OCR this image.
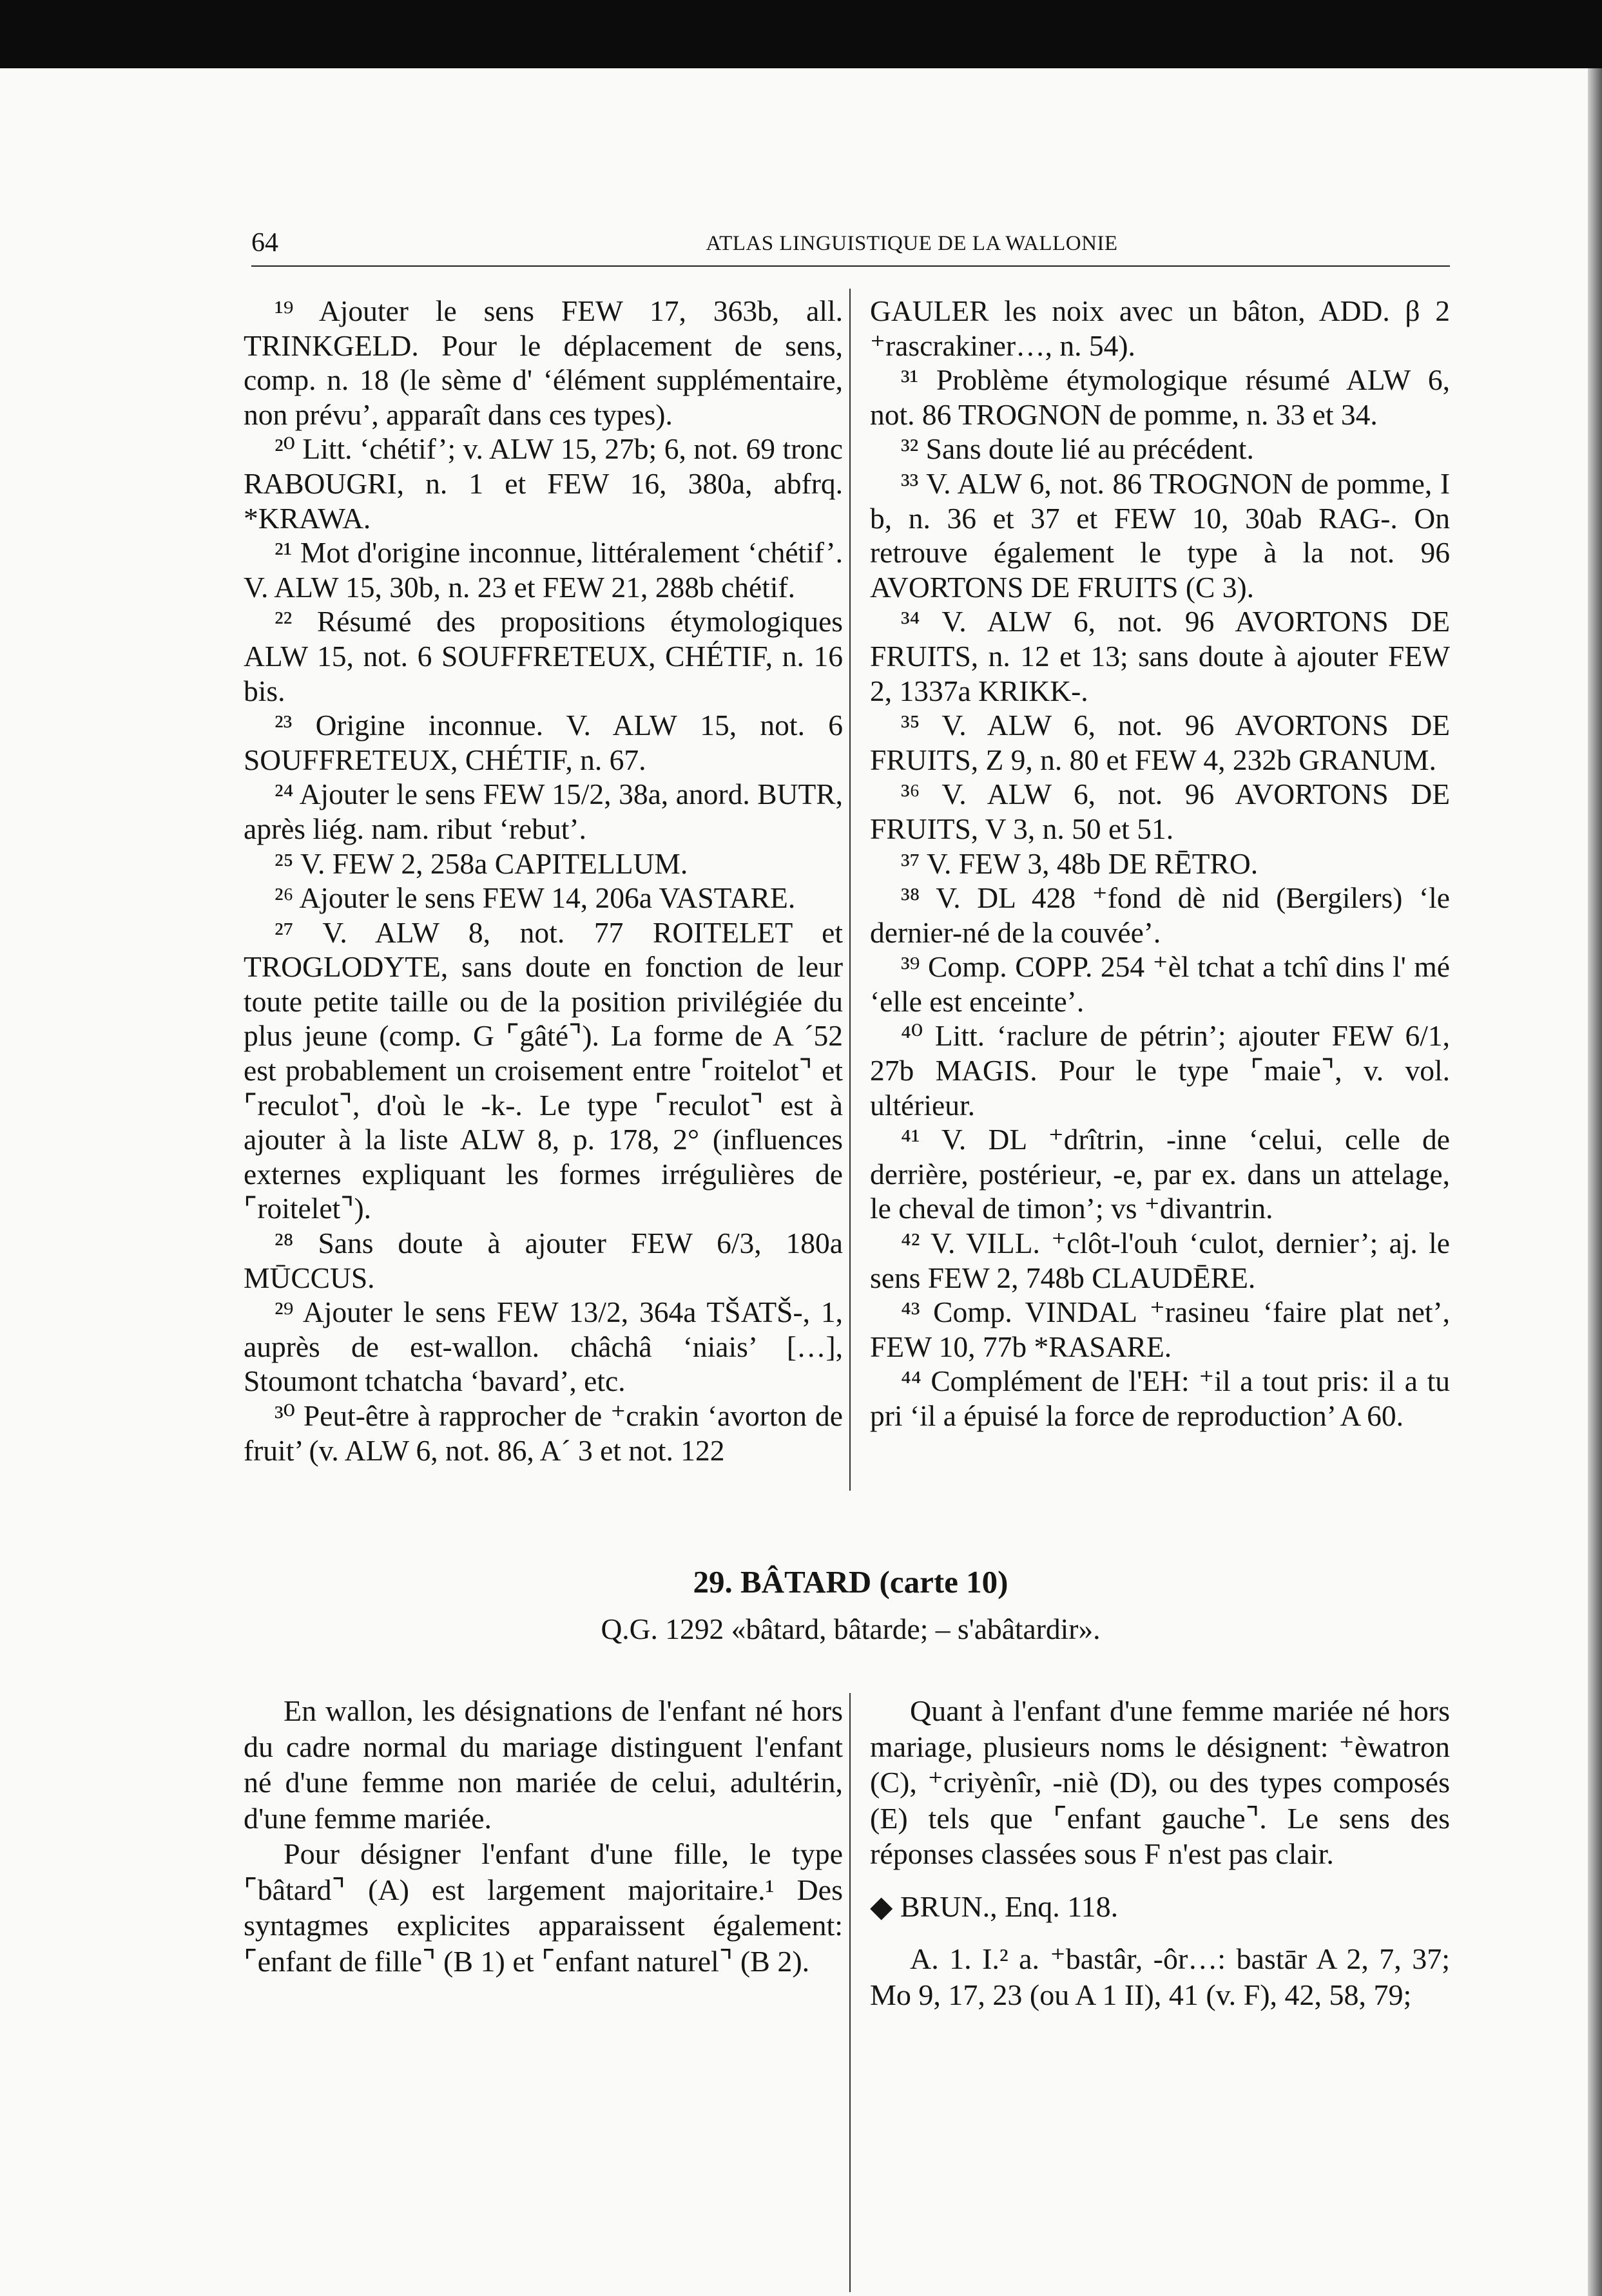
64	ATLAS LINGUISTIQUE DE LA WALLONIE

¹⁹ Ajouter le sens FEW 17, 363b, all. TRINKGELD. Pour le déplacement de sens, comp. n. 18 (le sème d' ‘élément supplémentaire, non prévu’, apparaît dans ces types).

²⁰ Litt. ‘chétif’; v. ALW 15, 27b; 6, not. 69 tronc RABOUGRI, n. 1 et FEW 16, 380a, abfrq. *KRAWA.

²¹ Mot d'origine inconnue, littéralement ‘chétif’. V. ALW 15, 30b, n. 23 et FEW 21, 288b chétif.

²² Résumé des propositions étymologiques ALW 15, not. 6 SOUFFRETEUX, CHÉTIF, n. 16 bis.

²³ Origine inconnue. V. ALW 15, not. 6 SOUFFRETEUX, CHÉTIF, n. 67.

²⁴ Ajouter le sens FEW 15/2, 38a, anord. BUTR, après liég. nam. ribut ‘rebut’.

²⁵ V. FEW 2, 258a CAPITELLUM.

²⁶ Ajouter le sens FEW 14, 206a VASTARE.

²⁷ V. ALW 8, not. 77 ROITELET et TROGLODYTE, sans doute en fonction de leur toute petite taille ou de la position privilégiée du plus jeune (comp. G ⌜gâté⌝). La forme de A ´52 est probablement un croisement entre ⌜roitelot⌝ et ⌜reculot⌝, d'où le -k-. Le type ⌜reculot⌝ est à ajouter à la liste ALW 8, p. 178, 2° (influences externes expliquant les formes irrégulières de ⌜roitelet⌝).

²⁸ Sans doute à ajouter FEW 6/3, 180a MŪCCUS.

²⁹ Ajouter le sens FEW 13/2, 364a TŠATŠ-, 1, auprès de est-wallon. châchâ ‘niais’ […], Stoumont tchatcha ‘bavard’, etc.

³⁰ Peut-être à rapprocher de ⁺crakin ‘avorton de fruit’ (v. ALW 6, not. 86, A´ 3 et not. 122

GAULER les noix avec un bâton, ADD. β 2 ⁺rascrakiner…, n. 54).

³¹ Problème étymologique résumé ALW 6, not. 86 TROGNON de pomme, n. 33 et 34.

³² Sans doute lié au précédent.

³³ V. ALW 6, not. 86 TROGNON de pomme, I b, n. 36 et 37 et FEW 10, 30ab RAG-. On retrouve également le type à la not. 96 AVORTONS DE FRUITS (C 3).

³⁴ V. ALW 6, not. 96 AVORTONS DE FRUITS, n. 12 et 13; sans doute à ajouter FEW 2, 1337a KRIKK-.

³⁵ V. ALW 6, not. 96 AVORTONS DE FRUITS, Z 9, n. 80 et FEW 4, 232b GRANUM.

³⁶ V. ALW 6, not. 96 AVORTONS DE FRUITS, V 3, n. 50 et 51.

³⁷ V. FEW 3, 48b DE RĒTRO.

³⁸ V. DL 428 ⁺fond dè nid (Bergilers) ‘le dernier-né de la couvée’.

³⁹ Comp. COPP. 254 ⁺èl tchat a tchî dins l' mé ‘elle est enceinte’.

⁴⁰ Litt. ‘raclure de pétrin’; ajouter FEW 6/1, 27b MAGIS. Pour le type ⌜maie⌝, v. vol. ultérieur.

⁴¹ V. DL ⁺drîtrin, -inne ‘celui, celle de derrière, postérieur, -e, par ex. dans un attelage, le cheval de timon’; vs ⁺divantrin.

⁴² V. VILL. ⁺clôt-l'ouh ‘culot, dernier’; aj. le sens FEW 2, 748b CLAUDĒRE.

⁴³ Comp. VINDAL ⁺rasineu ‘faire plat net’, FEW 10, 77b *RASARE.

⁴⁴ Complément de l'EH: ⁺il a tout pris: il a tu pri ‘il a épuisé la force de reproduction’ A 60.

29. BÂTARD (carte 10)
Q.G. 1292 «bâtard, bâtarde; – s'abâtardir».

En wallon, les désignations de l'enfant né hors du cadre normal du mariage distinguent l'enfant né d'une femme non mariée de celui, adultérin, d'une femme mariée.

Pour désigner l'enfant d'une fille, le type ⌜bâtard⌝ (A) est largement majoritaire.¹ Des syntagmes explicites apparaissent également: ⌜enfant de fille⌝ (B 1) et ⌜enfant naturel⌝ (B 2).

Quant à l'enfant d'une femme mariée né hors mariage, plusieurs noms le désignent: ⁺èwatron (C), ⁺criyènîr, -niè (D), ou des types composés (E) tels que ⌜enfant gauche⌝. Le sens des réponses classées sous F n'est pas clair.

◆ BRUN., Enq. 118.

A. 1. I.² a. ⁺bastâr, -ôr…: bastār A 2, 7, 37; Mo 9, 17, 23 (ou A 1 II), 41 (v. F), 42, 58, 79;
